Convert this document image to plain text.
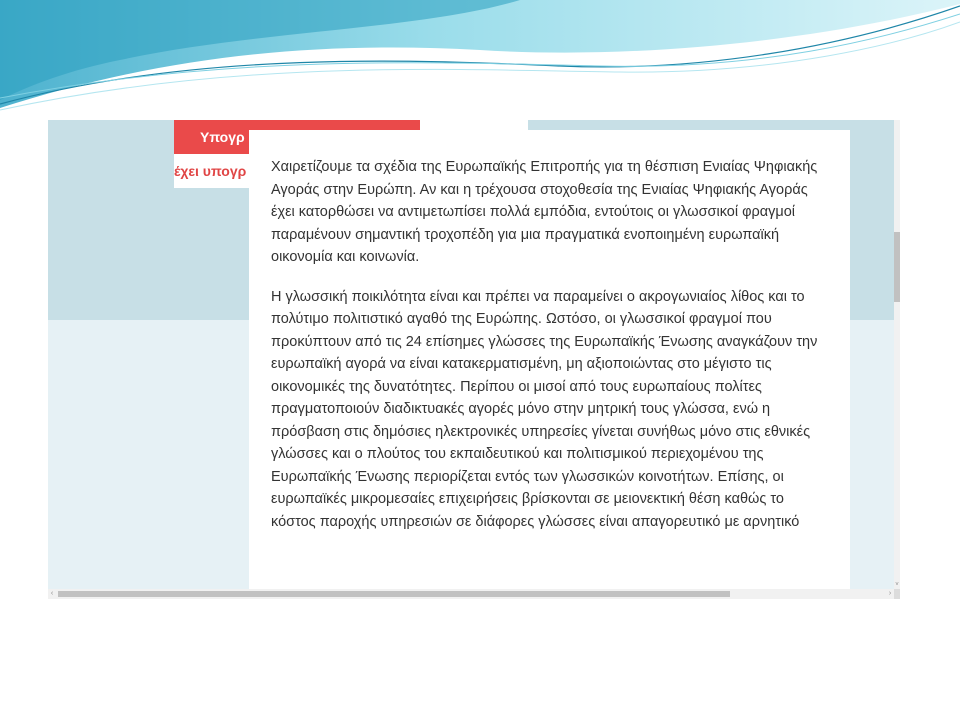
Υπογρ
έχει υπογρ	Χαιρετίζουμε τα σχέδια της Ευρωπαϊκής Επιτροπής για τη θέσπιση Ενιαίας Ψηφιακής Αγοράς στην Ευρώπη. Αν και η τρέχουσα στοχοθεσία της Ενιαίας Ψηφιακής Αγοράς έχει κατορθώσει να αντιμετωπίσει πολλά εμπόδια, εντούτοις οι γλωσσικοί φραγμοί παραμένουν σημαντική τροχοπέδη για μια πραγματικά ενοποιημένη ευρωπαϊκή οικονομία και κοινωνία.

Η γλωσσική ποικιλότητα είναι και πρέπει να παραμείνει ο ακρογωνιαίος λίθος και το πολύτιμο πολιτιστικό αγαθό της Ευρώπης. Ωστόσο, οι γλωσσικοί φραγμοί που προκύπτουν από τις 24 επίσημες γλώσσες της Ευρωπαϊκής Ένωσης αναγκάζουν την ευρωπαϊκή αγορά να είναι κατακερματισμένη, μη αξιοποιώντας στο μέγιστο τις οικονομικές της δυνατότητες. Περίπου οι μισοί από τους ευρωπαίους πολίτες πραγματοποιούν διαδικτυακές αγορές μόνο στην μητρική τους γλώσσα, ενώ η πρόσβαση στις δημόσιες ηλεκτρονικές υπηρεσίες γίνεται συνήθως μόνο στις εθνικές γλώσσες και ο πλούτος του εκπαιδευτικού και πολιτισμικού περιεχομένου της Ευρωπαϊκής Ένωσης περιορίζεται εντός των γλωσσικών κοινοτήτων. Επίσης, οι ευρωπαϊκές μικρομεσαίες επιχειρήσεις βρίσκονται σε μειονεκτική θέση καθώς το κόστος παροχής υπηρεσιών σε διάφορες γλώσσες είναι απαγορευτικό με αρνητικό

˅
‹	›
